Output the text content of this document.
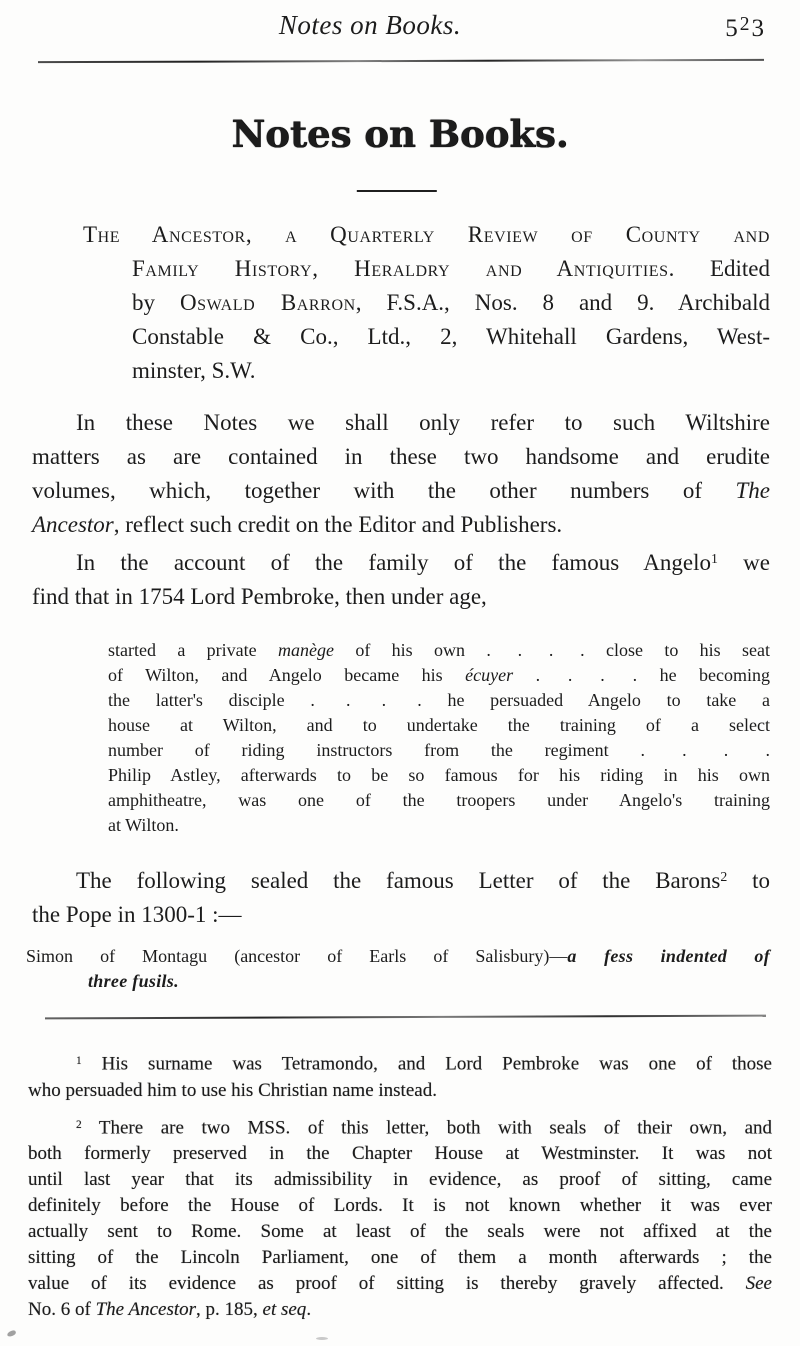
Notes on Books.	$5^23$
Notes on Books.
The Ancestor, a Quarterly Review of County and
Family History, Heraldry and Antiquities. Edited
by Oswald Barron, F.S.A., Nos. 8 and 9. Archibald
Constable & Co., Ltd., 2, Whitehall Gardens, West-
minster, S.W.
In these Notes we shall only refer to such Wiltshire
matters as are contained in these two handsome and erudite
volumes, which, together with the other numbers of The
Ancestor, reflect such credit on the Editor and Publishers.
In the account of the family of the famous Angelo$^1$ we
find that in 1754 Lord Pembroke, then under age,
started a private manège of his own . . . . close to his seat
of Wilton, and Angelo became his écuyer . . . . he becoming
the latter's disciple . . . . he persuaded Angelo to take a
house at Wilton, and to undertake the training of a select
number of riding instructors from the regiment . . . .
Philip Astley, afterwards to be so famous for his riding in his own
amphitheatre, was one of the troopers under Angelo's training
at Wilton.
The following sealed the famous Letter of the Barons$^2$ to
the Pope in 1300-1 :—
Simon of Montagu (ancestor of Earls of Salisbury)—a fess indented of
three fusils.
$^1$ His surname was Tetramondo, and Lord Pembroke was one of those
who persuaded him to use his Christian name instead.
$^2$ There are two MSS. of this letter, both with seals of their own, and
both formerly preserved in the Chapter House at Westminster. It was not
until last year that its admissibility in evidence, as proof of sitting, came
definitely before the House of Lords. It is not known whether it was ever
actually sent to Rome. Some at least of the seals were not affixed at the
sitting of the Lincoln Parliament, one of them a month afterwards ; the
value of its evidence as proof of sitting is thereby gravely affected. See
No. 6 of The Ancestor, p. 185, et seq.
